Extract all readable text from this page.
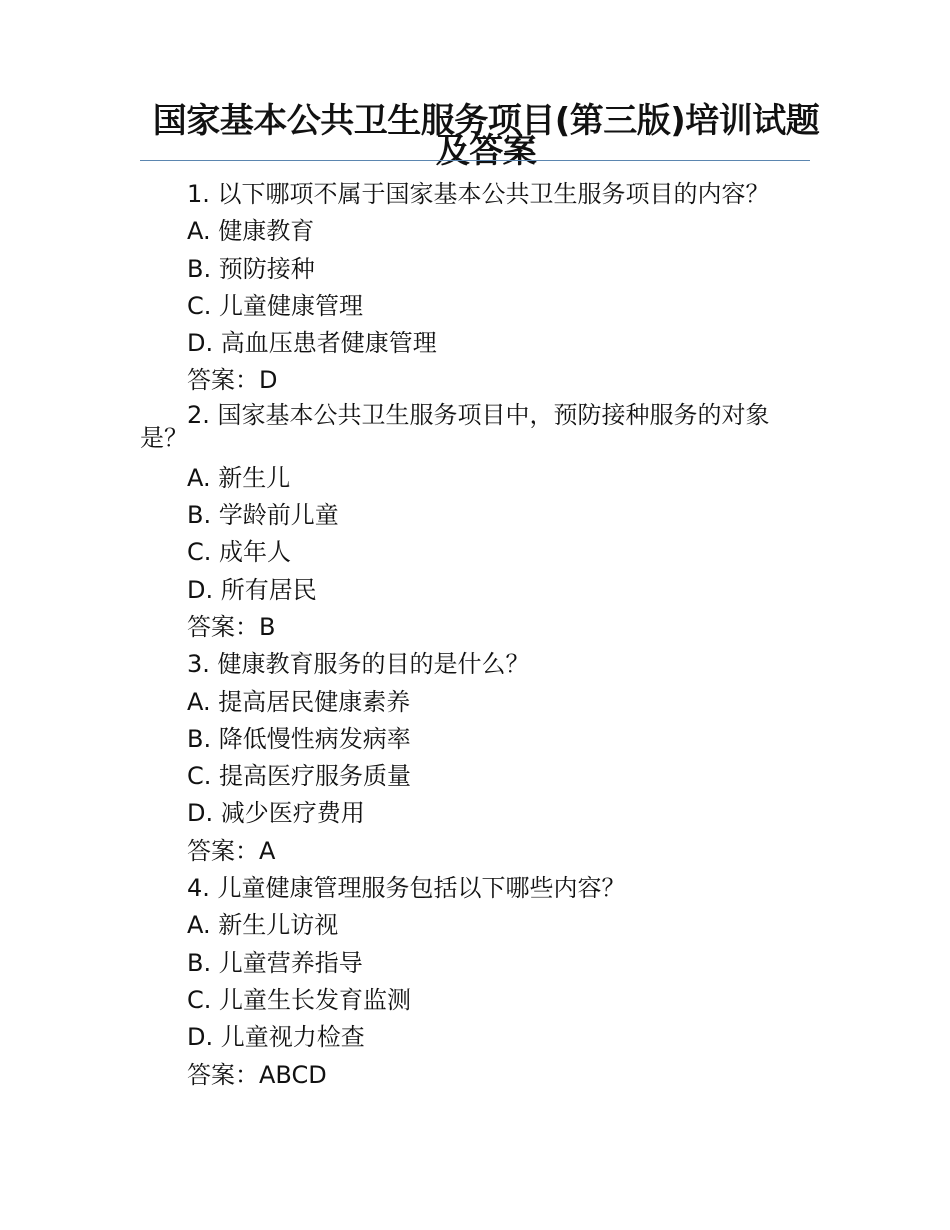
国家基本公共卫生服务项目(第三版)培训试题及答案
1. 以下哪项不属于国家基本公共卫生服务项目的内容？
A. 健康教育
B. 预防接种
C. 儿童健康管理
D. 高血压患者健康管理
答案：D
2. 国家基本公共卫生服务项目中，预防接种服务的对象是？
A. 新生儿
B. 学龄前儿童
C. 成年人
D. 所有居民
答案：B
3. 健康教育服务的目的是什么？
A. 提高居民健康素养
B. 降低慢性病发病率
C. 提高医疗服务质量
D. 减少医疗费用
答案：A
4. 儿童健康管理服务包括以下哪些内容？
A. 新生儿访视
B. 儿童营养指导
C. 儿童生长发育监测
D. 儿童视力检查
答案：ABCD
